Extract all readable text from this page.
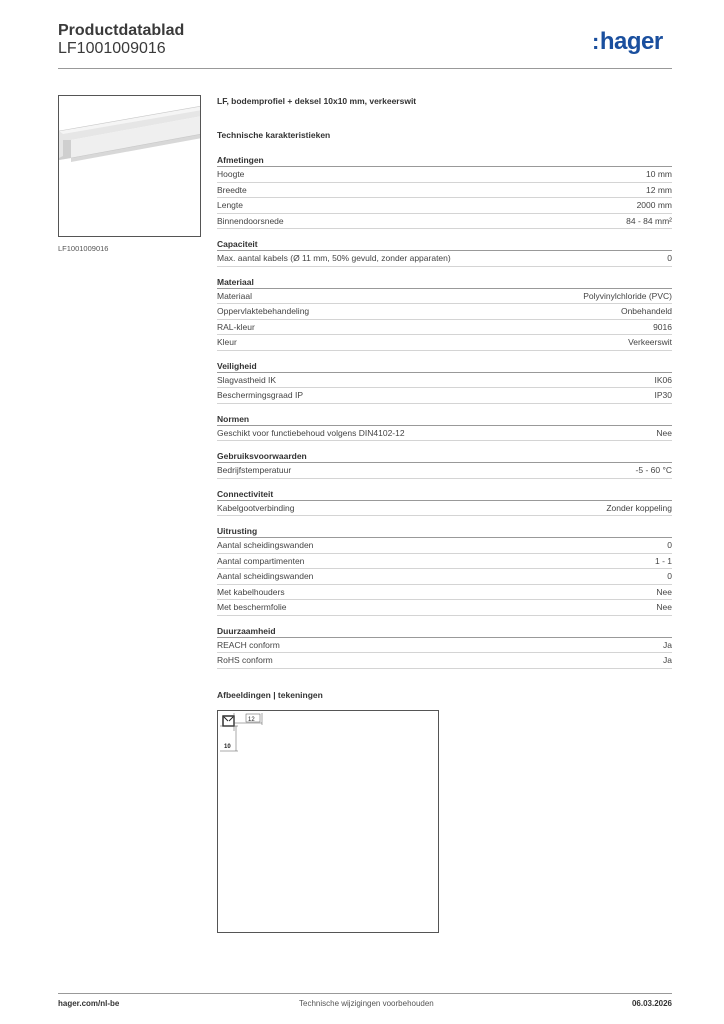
Productdatablad
LF1001009016	:hager
LF1001009016
LF, bodemprofiel + deksel 10x10 mm, verkeerswit
Technische karakteristieken
Afmetingen
Hoogte	10 mm
Breedte	12 mm
Lengte	2000 mm
Binnendoorsnede	84 - 84 mm²
Capaciteit
Max. aantal kabels (Ø 11 mm, 50% gevuld, zonder apparaten)	0
Materiaal
Materiaal	Polyvinylchloride (PVC)
Oppervlaktebehandeling	Onbehandeld
RAL-kleur	9016
Kleur	Verkeerswit
Veiligheid
Slagvastheid IK	IK06
Beschermingsgraad IP	IP30
Normen
Geschikt voor functiebehoud volgens DIN4102-12	Nee
Gebruiksvoorwaarden
Bedrijfstemperatuur	-5 - 60 °C
Connectiviteit
Kabelgootverbinding	Zonder koppeling
Uitrusting
Aantal scheidingswanden	0
Aantal compartimenten	1 - 1
Aantal scheidingswanden	0
Met kabelhouders	Nee
Met beschermfolie	Nee
Duurzaamheid
REACH conform	Ja
RoHS conform	Ja
Afbeeldingen | tekeningen
12
10
hager.com/nl-be	Technische wijzigingen voorbehouden	06.03.2026
